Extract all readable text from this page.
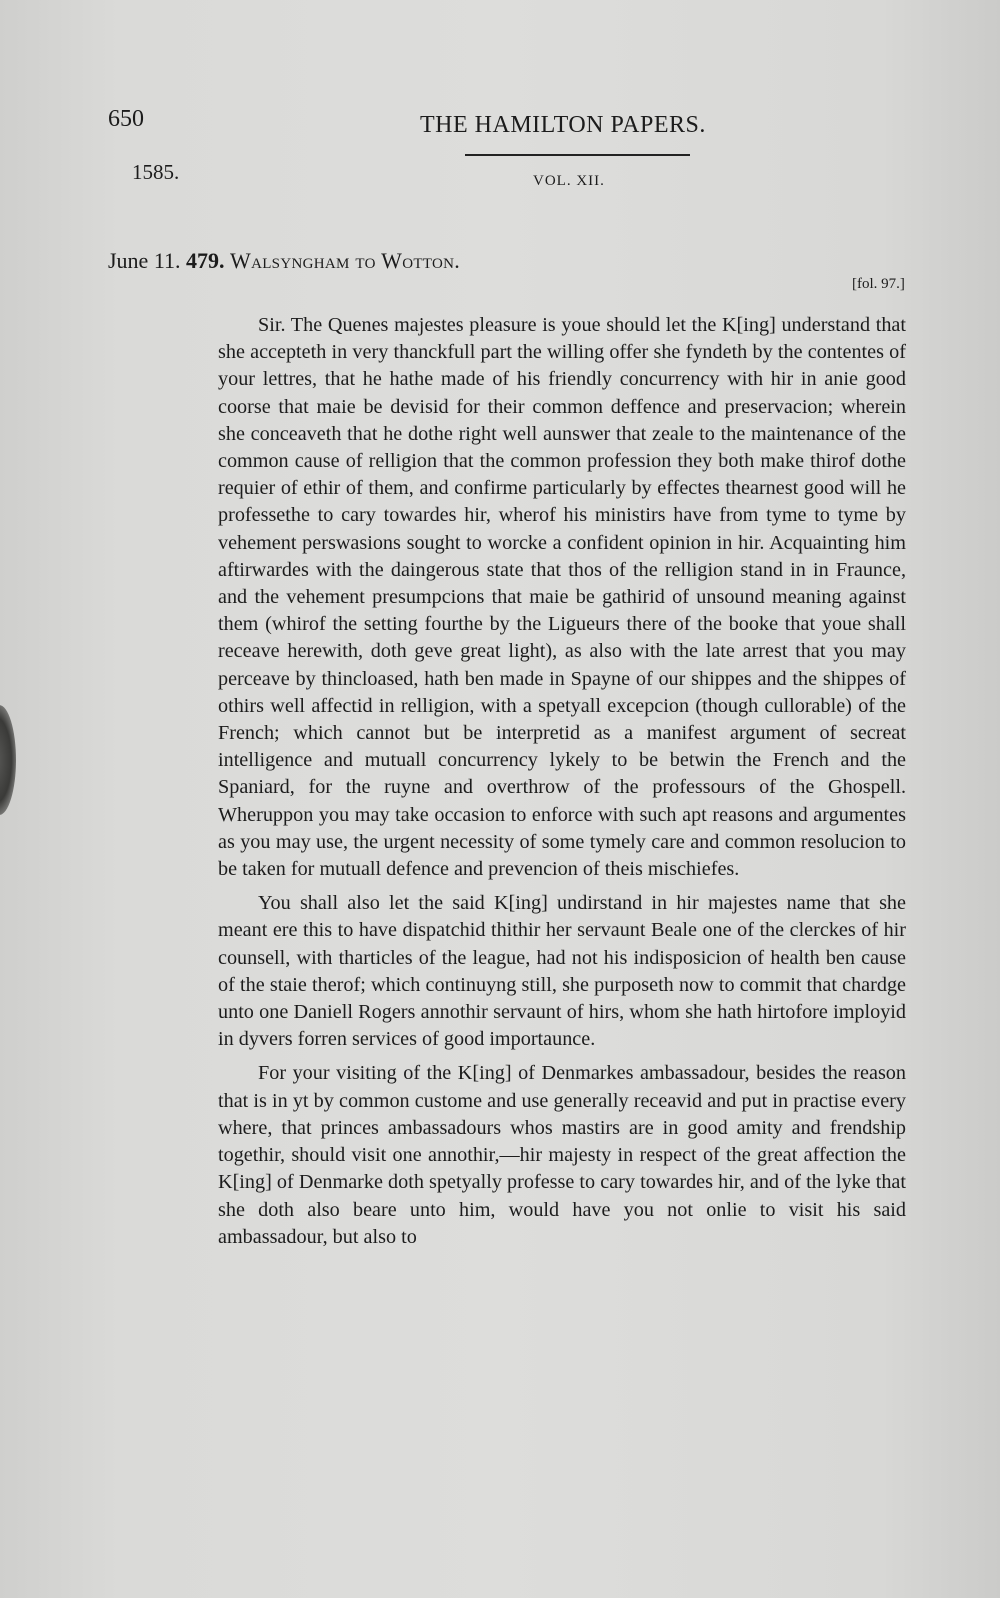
650	THE HAMILTON PAPERS.
1585.	VOL. XII.
June 11. 479. Walsyngham to Wotton.
[fol. 97.]

Sir. The Quenes majestes pleasure is youe should let the K[ing] understand that she accepteth in very thanckfull part the willing offer she fyndeth by the contentes of your lettres, that he hathe made of his friendly concurrency with hir in anie good coorse that maie be devisid for their common deffence and preservacion; wherein she conceaveth that he dothe right well aunswer that zeale to the maintenance of the common cause of relligion that the common profession they both make thirof dothe requier of ethir of them, and confirme particularly by effectes thearnest good will he professethe to cary towardes hir, wherof his ministirs have from tyme to tyme by vehement perswasions sought to worcke a confident opinion in hir. Acquainting him aftirwardes with the daingerous state that thos of the relligion stand in in Fraunce, and the vehement presumpcions that maie be gathirid of unsound meaning against them (whirof the setting fourthe by the Ligueurs there of the booke that youe shall receave herewith, doth geve great light), as also with the late arrest that you may perceave by thincloased, hath ben made in Spayne of our shippes and the shippes of othirs well affectid in relligion, with a spetyall excepcion (though cullorable) of the French; which cannot but be interpretid as a manifest argument of secreat intelligence and mutuall concurrency lykely to be betwin the French and the Spaniard, for the ruyne and overthrow of the professours of the Ghospell. Wheruppon you may take occasion to enforce with such apt reasons and argumentes as you may use, the urgent necessity of some tymely care and common resolucion to be taken for mutuall defence and prevencion of theis mischiefes.

You shall also let the said K[ing] undirstand in hir majestes name that she meant ere this to have dispatchid thithir her servaunt Beale one of the clerckes of hir counsell, with tharticles of the league, had not his indisposicion of health ben cause of the staie therof; which continuyng still, she purposeth now to commit that chardge unto one Daniell Rogers annothir servaunt of hirs, whom she hath hirtofore imployid in dyvers forren services of good importaunce.

For your visiting of the K[ing] of Denmarkes ambassadour, besides the reason that is in yt by common custome and use generally receavid and put in practise every where, that princes ambassadours whos mastirs are in good amity and frendship togethir, should visit one annothir,—hir majesty in respect of the great affection the K[ing] of Denmarke doth spetyally professe to cary towardes hir, and of the lyke that she doth also beare unto him, would have you not onlie to visit his said ambassadour, but also to
